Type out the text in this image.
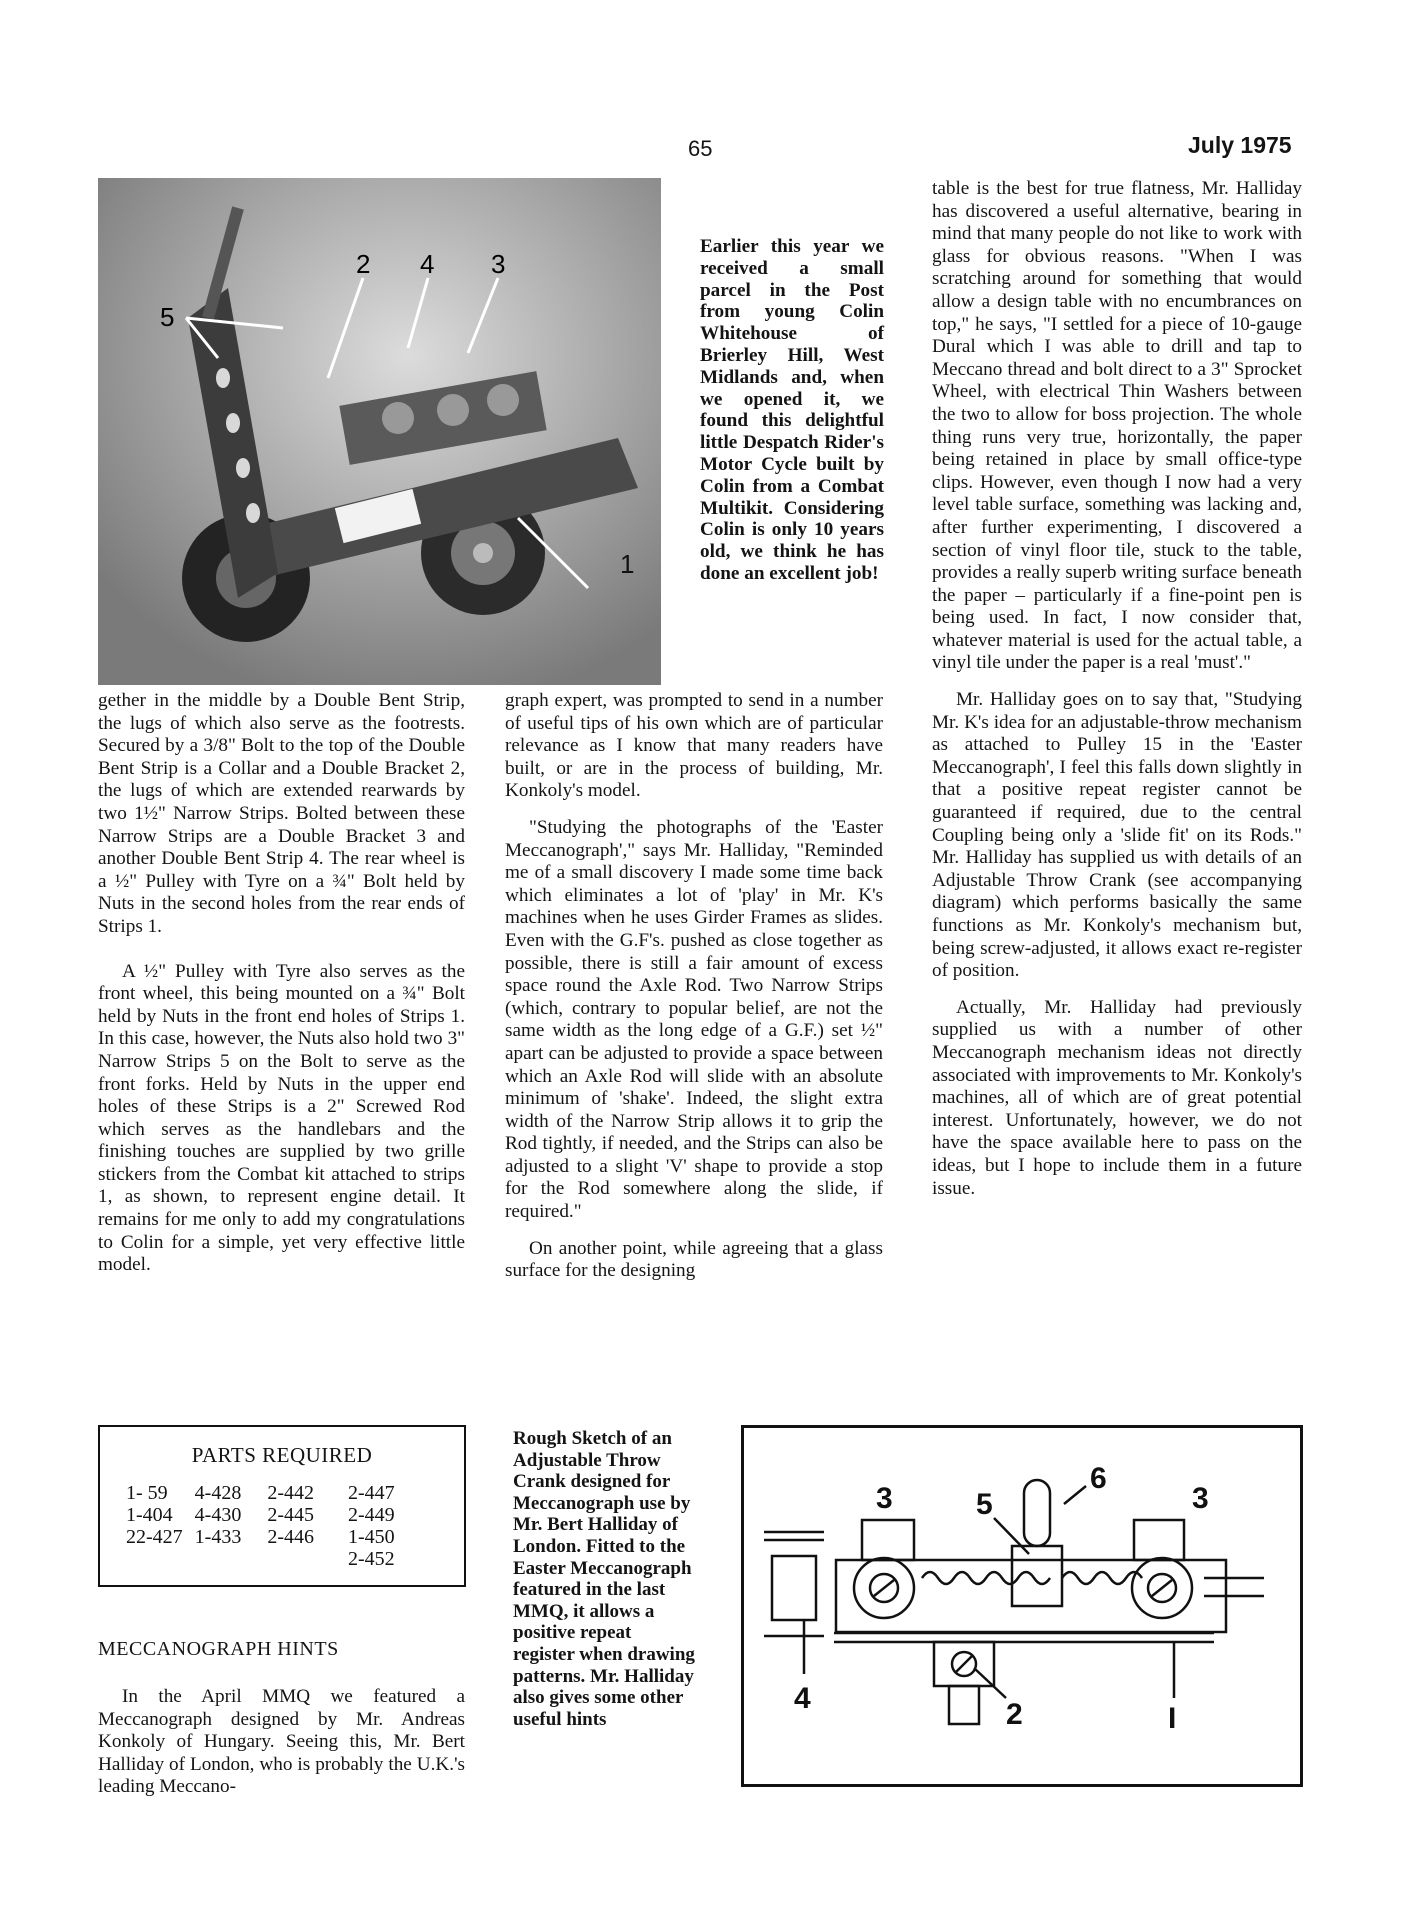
65	July 1975
5
2 4 3
1

Earlier this year we received a small parcel in the Post from young Colin Whitehouse of Brierley Hill, West Midlands and, when we opened it, we found this delightful little Despatch Rider's Motor Cycle built by Colin from a Combat Multikit. Considering Colin is only 10 years old, we think he has done an excellent job!

gether in the middle by a Double Bent Strip, the lugs of which also serve as the footrests. Secured by a 3/8" Bolt to the top of the Double Bent Strip is a Collar and a Double Bracket 2, the lugs of which are extended rearwards by two 1½" Narrow Strips. Bolted between these Narrow Strips are a Double Bracket 3 and another Double Bent Strip 4. The rear wheel is a ½" Pulley with Tyre on a ¾" Bolt held by Nuts in the second holes from the rear ends of Strips 1.

A ½" Pulley with Tyre also serves as the front wheel, this being mounted on a ¾" Bolt held by Nuts in the front end holes of Strips 1. In this case, however, the Nuts also hold two 3" Narrow Strips 5 on the Bolt to serve as the front forks. Held by Nuts in the upper end holes of these Strips is a 2" Screwed Rod which serves as the handlebars and the finishing touches are supplied by two grille stickers from the Combat kit attached to strips 1, as shown, to represent engine detail. It remains for me only to add my congratulations to Colin for a simple, yet very effective little model.

graph expert, was prompted to send in a number of useful tips of his own which are of particular relevance as I know that many readers have built, or are in the process of building, Mr. Konkoly's model.

"Studying the photographs of the 'Easter Meccanograph'," says Mr. Halliday, "Reminded me of a small discovery I made some time back which eliminates a lot of 'play' in Mr. K's machines when he uses Girder Frames as slides. Even with the G.F's. pushed as close together as possible, there is still a fair amount of excess space round the Axle Rod. Two Narrow Strips (which, contrary to popular belief, are not the same width as the long edge of a G.F.) set ½" apart can be adjusted to provide a space between which an Axle Rod will slide with an absolute minimum of 'shake'. Indeed, the slight extra width of the Narrow Strip allows it to grip the Rod tightly, if needed, and the Strips can also be adjusted to a slight 'V' shape to provide a stop for the Rod somewhere along the slide, if required."

On another point, while agreeing that a glass surface for the designing

table is the best for true flatness, Mr. Halliday has discovered a useful alternative, bearing in mind that many people do not like to work with glass for obvious reasons. "When I was scratching around for something that would allow a design table with no encumbrances on top," he says, "I settled for a piece of 10-gauge Dural which I was able to drill and tap to Meccano thread and bolt direct to a 3" Sprocket Wheel, with electrical Thin Washers between the two to allow for boss projection. The whole thing runs very true, horizontally, the paper being retained in place by small office-type clips. However, even though I now had a very level table surface, something was lacking and, after further experimenting, I discovered a section of vinyl floor tile, stuck to the table, provides a really superb writing surface beneath the paper – particularly if a fine-point pen is being used. In fact, I now consider that, whatever material is used for the actual table, a vinyl tile under the paper is a real 'must'."

Mr. Halliday goes on to say that, "Studying Mr. K's idea for an adjustable-throw mechanism as attached to Pulley 15 in the 'Easter Meccanograph', I feel this falls down slightly in that a positive repeat register cannot be guaranteed if required, due to the central Coupling being only a 'slide fit' on its Rods." Mr. Halliday has supplied us with details of an Adjustable Throw Crank (see accompanying diagram) which performs basically the same functions as Mr. Konkoly's mechanism but, being screw-adjusted, it allows exact re-register of position.

Actually, Mr. Halliday had previously supplied us with a number of other Meccanograph mechanism ideas not directly associated with improvements to Mr. Konkoly's machines, all of which are of great potential interest. Unfortunately, however, we do not have the space available here to pass on the ideas, but I hope to include them in a future issue.

PARTS REQUIRED
1- 59	4-428	2-442	2-447
1-404	4-430	2-445	2-449
22-427	1-433	2-446	1-450
			2-452
MECCANOGRAPH HINTS

In the April MMQ we featured a Meccanograph designed by Mr. Andreas Konkoly of Hungary. Seeing this, Mr. Bert Halliday of London, who is probably the U.K.'s leading Meccano-

Rough Sketch of an Adjustable Throw Crank designed for Meccanograph use by Mr. Bert Halliday of London. Fitted to the Easter Meccanograph featured in the last MMQ, it allows a positive repeat register when drawing patterns. Mr. Halliday also gives some other useful hints

3	5
6
3
4	2	I
